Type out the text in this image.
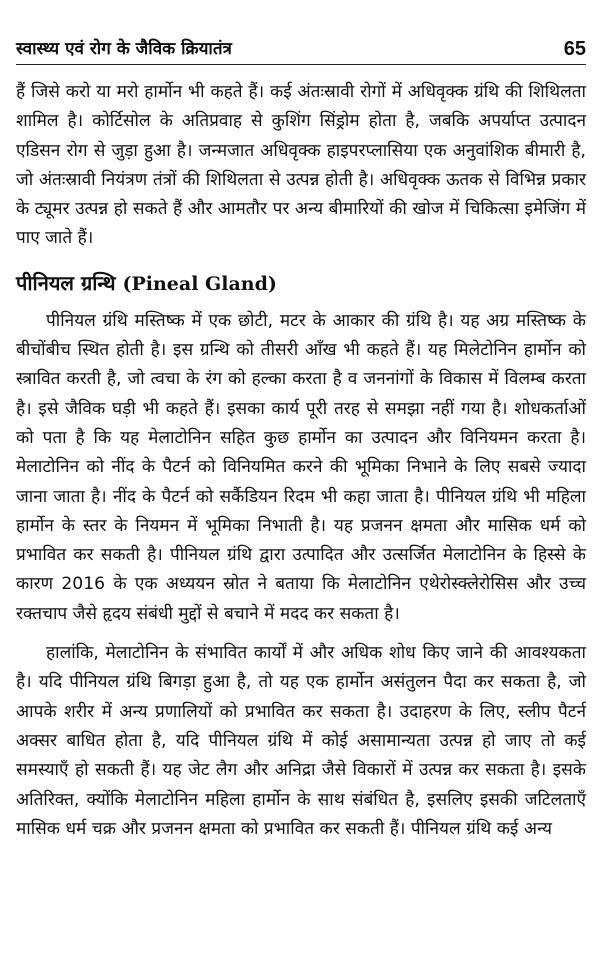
स्वास्थ्य एवं रोग के जैविक क्रियातंत्र	65

हैं जिसे करो या मरो हार्मोन भी कहते हैं। कई अंतःस्रावी रोगों में अधिवृक्क ग्रंथि की शिथिलता शामिल है। कोर्टिसोल के अतिप्रवाह से कुशिंग सिंड्रोम होता है, जबकि अपर्याप्त उत्पादन एडिसन रोग से जुड़ा हुआ है। जन्मजात अधिवृक्क हाइपरप्लासिया एक अनुवांशिक बीमारी है, जो अंतःस्रावी नियंत्रण तंत्रों की शिथिलता से उत्पन्न होती है। अधिवृक्क ऊतक से विभिन्न प्रकार के ट्यूमर उत्पन्न हो सकते हैं और आमतौर पर अन्य बीमारियों की खोज में चिकित्सा इमेजिंग में पाए जाते हैं।

पीनियल ग्रन्थि (Pineal Gland)

पीनियल ग्रंथि मस्तिष्क में एक छोटी, मटर के आकार की ग्रंथि है। यह अग्र मस्तिष्क के बीचोंबीच स्थित होती है। इस ग्रन्थि को तीसरी आँख भी कहते हैं। यह मिलेटोनिन हार्मोन को स्त्रावित करती है, जो त्वचा के रंग को हल्का करता है व जननांगों के विकास में विलम्ब करता है। इसे जैविक घड़ी भी कहते हैं। इसका कार्य पूरी तरह से समझा नहीं गया है। शोधकर्ताओं को पता है कि यह मेलाटोनिन सहित कुछ हार्मोन का उत्पादन और विनियमन करता है। मेलाटोनिन को नींद के पैटर्न को विनियमित करने की भूमिका निभाने के लिए सबसे ज्यादा जाना जाता है। नींद के पैटर्न को सर्कैडियन रिदम भी कहा जाता है। पीनियल ग्रंथि भी महिला हार्मोन के स्तर के नियमन में भूमिका निभाती है। यह प्रजनन क्षमता और मासिक धर्म को प्रभावित कर सकती है। पीनियल ग्रंथि द्वारा उत्पादित और उत्सर्जित मेलाटोनिन के हिस्से के कारण 2016 के एक अध्ययन स्रोत ने बताया कि मेलाटोनिन एथेरोस्क्लेरोसिस और उच्च रक्तचाप जैसे हृदय संबंधी मुद्दों से बचाने में मदद कर सकता है।

हालांकि, मेलाटोनिन के संभावित कार्यों में और अधिक शोध किए जाने की आवश्यकता है। यदि पीनियल ग्रंथि बिगड़ा हुआ है, तो यह एक हार्मोन असंतुलन पैदा कर सकता है, जो आपके शरीर में अन्य प्रणालियों को प्रभावित कर सकता है। उदाहरण के लिए, स्लीप पैटर्न अक्सर बाधित होता है, यदि पीनियल ग्रंथि में कोई असामान्यता उत्पन्न हो जाए तो कई समस्याएँ हो सकती हैं। यह जेट लैग और अनिद्रा जैसे विकारों में उत्पन्न कर सकता है। इसके अतिरिक्त, क्योंकि मेलाटोनिन महिला हार्मोन के साथ संबंधित है, इसलिए इसकी जटिलताएँ मासिक धर्म चक्र और प्रजनन क्षमता को प्रभावित कर सकती हैं। पीनियल ग्रंथि कई अन्य
